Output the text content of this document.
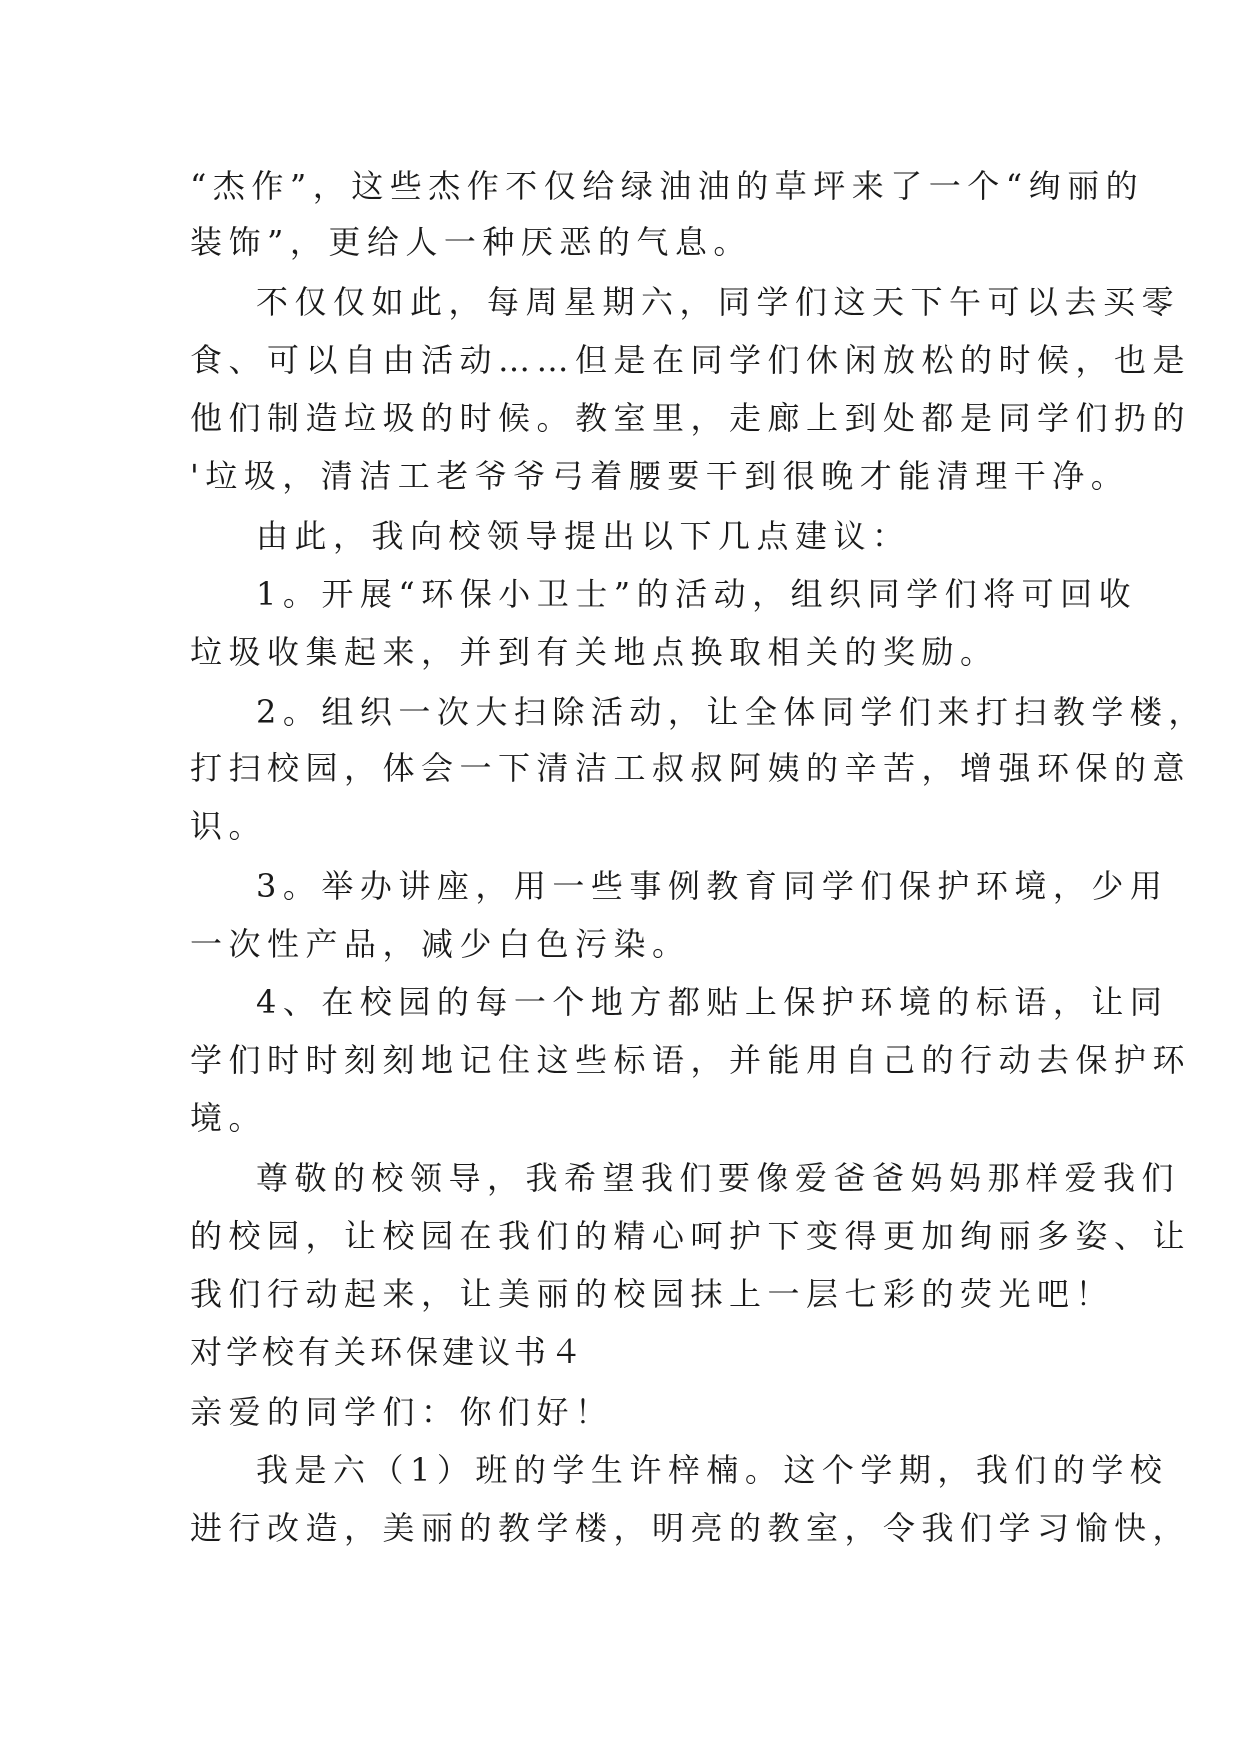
“杰作”，这些杰作不仅给绿油油的草坪来了一个“绚丽的
装饰”，更给人一种厌恶的气息。
不仅仅如此，每周星期六，同学们这天下午可以去买零
食、可以自由活动……但是在同学们休闲放松的时候，也是
他们制造垃圾的时候。教室里，走廊上到处都是同学们扔的
'垃圾，清洁工老爷爷弓着腰要干到很晚才能清理干净。
由此，我向校领导提出以下几点建议：
1。开展“环保小卫士”的活动，组织同学们将可回收
垃圾收集起来，并到有关地点换取相关的奖励。
2。组织一次大扫除活动，让全体同学们来打扫教学楼，
打扫校园，体会一下清洁工叔叔阿姨的辛苦，增强环保的意
识。
3。举办讲座，用一些事例教育同学们保护环境，少用
一次性产品，减少白色污染。
4、在校园的每一个地方都贴上保护环境的标语，让同
学们时时刻刻地记住这些标语，并能用自己的行动去保护环
境。
尊敬的校领导，我希望我们要像爱爸爸妈妈那样爱我们
的校园，让校园在我们的精心呵护下变得更加绚丽多姿、让
我们行动起来，让美丽的校园抹上一层七彩的荧光吧！
对学校有关环保建议书４
亲爱的同学们：你们好！
我是六（1）班的学生许梓楠。这个学期，我们的学校
进行改造，美丽的教学楼，明亮的教室，令我们学习愉快，
